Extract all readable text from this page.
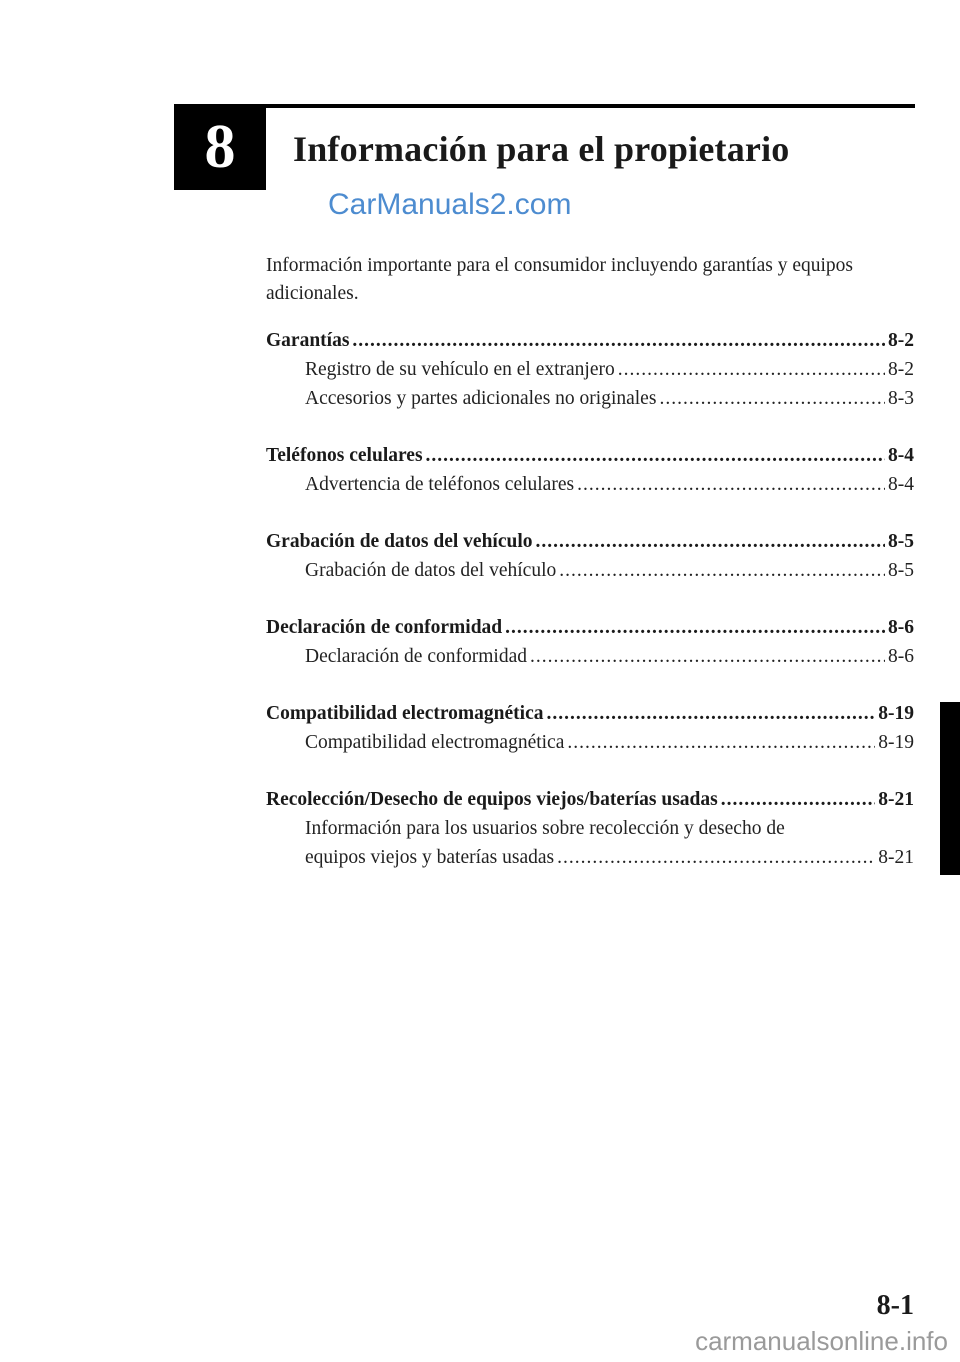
8 Información para el propietario
CarManuals2.com
Información importante para el consumidor incluyendo garantías y equipos adicionales.
Garantías .....	8-2
Registro de su vehículo en el extranjero .....	8-2
Accesorios y partes adicionales no originales .....	8-3
Teléfonos celulares .....	8-4
Advertencia de teléfonos celulares .....	8-4
Grabación de datos del vehículo .....	8-5
Grabación de datos del vehículo .....	8-5
Declaración de conformidad .....	8-6
Declaración de conformidad .....	8-6
Compatibilidad electromagnética .....	8-19
Compatibilidad electromagnética .....	8-19
Recolección/Desecho de equipos viejos/baterías usadas .....	8-21
Información para los usuarios sobre recolección y desecho de
equipos viejos y baterías usadas .....	8-21
8-1
carmanualsonline.info
